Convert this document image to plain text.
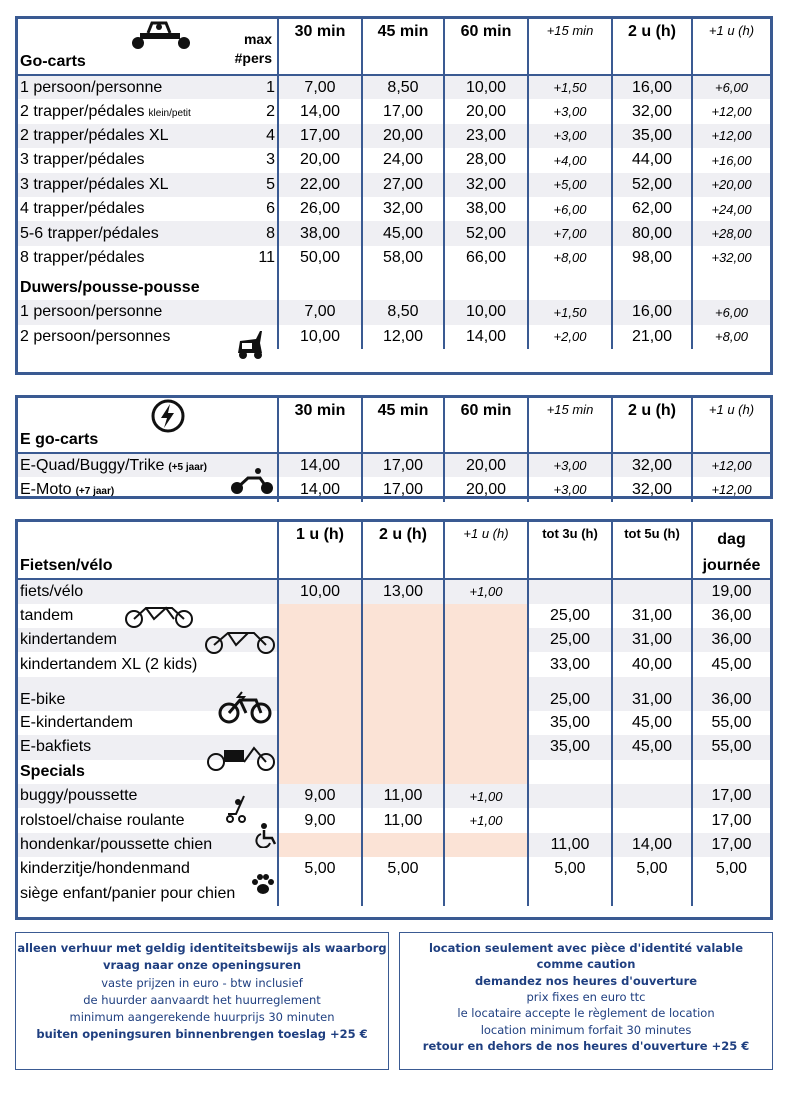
Go-carts
max
#pers	30 min	45 min	60 min	+15 min	2 u (h)	+1 u (h)

1 persoon/personne 1	7,00	8,50	10,00	+1,50	16,00	+6,00

2 trapper/pédales klein/petit 2	14,00	17,00	20,00	+3,00	32,00	+12,00

2 trapper/pédales XL 4	17,00	20,00	23,00	+3,00	35,00	+12,00

3 trapper/pédales 3	20,00	24,00	28,00	+4,00	44,00	+16,00

3 trapper/pédales XL 5	22,00	27,00	32,00	+5,00	52,00	+20,00

4 trapper/pédales 6	26,00	32,00	38,00	+6,00	62,00	+24,00

5-6 trapper/pédales 8	38,00	45,00	52,00	+7,00	80,00	+28,00

8 trapper/pédales 11	50,00	58,00	66,00	+8,00	98,00	+32,00
Duwers/pousse-pousse						

1 persoon/personne	7,00	8,50	10,00	+1,50	16,00	+6,00

2 persoon/personnes	10,00	12,00	14,00	+2,00	21,00	+8,00
E go-carts	30 min	45 min	60 min	+15 min	2 u (h)	+1 u (h)

E-Quad/Buggy/Trike (+5 jaar)	14,00	17,00	20,00	+3,00	32,00	+12,00

E-Moto (+7 jaar)	14,00	17,00	20,00	+3,00	32,00	+12,00
Fietsen/vélo	1 u (h)	2 u (h)	+1 u (h)	tot 3u (h)	tot 5u (h)	dag
journée

fiets/vélo	10,00	13,00	+1,00			19,00

tandem				25,00	31,00	36,00

kindertandem				25,00	31,00	36,00

kindertandem XL (2 kids)				33,00	40,00	45,00

E-bike				25,00	31,00	36,00

E-kindertandem				35,00	45,00	55,00

E-bakfiets				35,00	45,00	55,00
Specials						

buggy/poussette	9,00	11,00	+1,00			17,00

rolstoel/chaise roulante	9,00	11,00	+1,00			17,00

hondenkar/poussette chien				11,00	14,00	17,00

kinderzitje/hondenmand	5,00	5,00		5,00	5,00	5,00

siège enfant/panier pour chien						

alleen verhuur met geldig identiteitsbewijs als waarborg
vraag naar onze openingsuren
vaste prijzen in euro - btw inclusief
de huurder aanvaardt het huurreglement
minimum aangerekende huurprijs 30 minuten
buiten openingsuren binnenbrengen toeslag +25 €
location seulement avec pièce d'identité valable comme caution
demandez nos heures d'ouverture
prix fixes en euro ttc
le locataire accepte le règlement de location
location minimum forfait 30 minutes
retour en dehors de nos heures d'ouverture +25 €
